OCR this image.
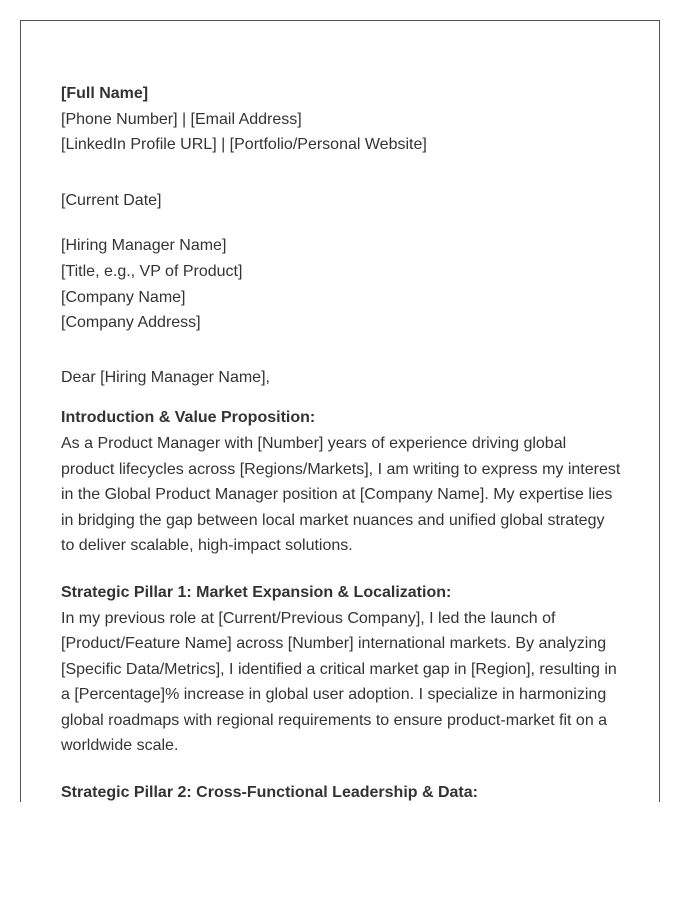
[Full Name]

[Phone Number] | [Email Address]

[LinkedIn Profile URL] | [Portfolio/Personal Website]

[Current Date]

[Hiring Manager Name]

[Title, e.g., VP of Product]

[Company Name]

[Company Address]

Dear [Hiring Manager Name],

Introduction & Value Proposition:

As a Product Manager with [Number] years of experience driving global

product lifecycles across [Regions/Markets], I am writing to express my interest

in the Global Product Manager position at [Company Name]. My expertise lies

in bridging the gap between local market nuances and unified global strategy

to deliver scalable, high-impact solutions.

Strategic Pillar 1: Market Expansion & Localization:

In my previous role at [Current/Previous Company], I led the launch of

[Product/Feature Name] across [Number] international markets. By analyzing

[Specific Data/Metrics], I identified a critical market gap in [Region], resulting in

a [Percentage]% increase in global user adoption. I specialize in harmonizing

global roadmaps with regional requirements to ensure product-market fit on a

worldwide scale.

Strategic Pillar 2: Cross-Functional Leadership & Data:
